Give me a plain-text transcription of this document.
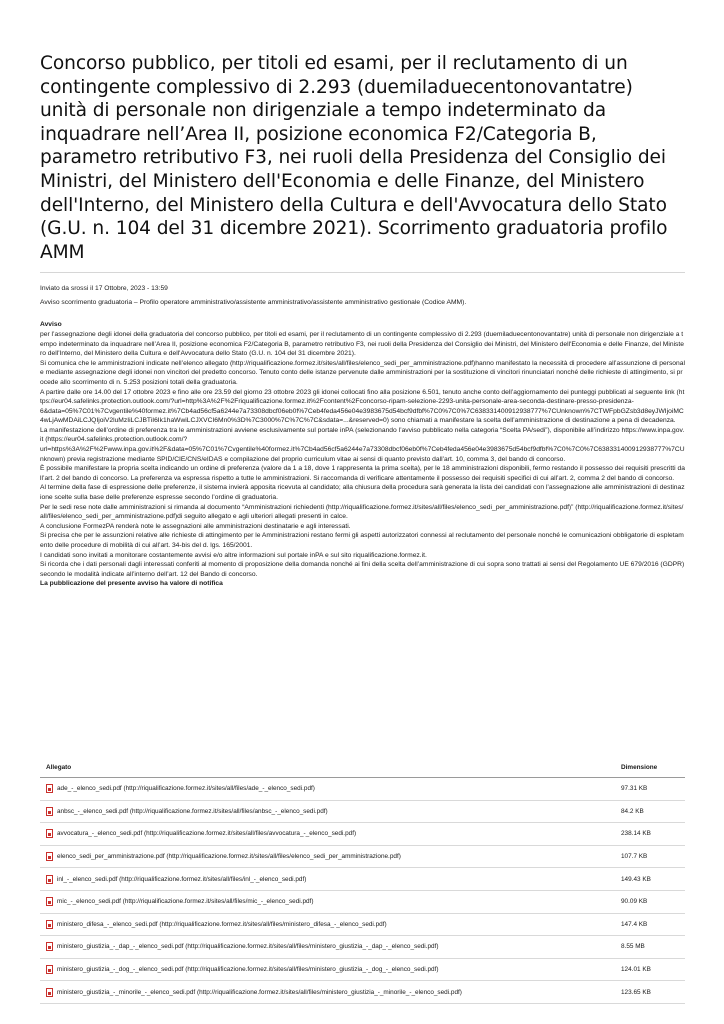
Concorso pubblico, per titoli ed esami, per il reclutamento di un contingente complessivo di 2.293 (duemiladuecentonovantatre) unità di personale non dirigenziale a tempo indeterminato da inquadrare nell’Area II, posizione economica F2/Categoria B, parametro retributivo F3, nei ruoli della Presidenza del Consiglio dei Ministri, del Ministero dell'Economia e delle Finanze, del Ministero dell'Interno, del Ministero della Cultura e dell'Avvocatura dello Stato (G.U. n. 104 del 31 dicembre 2021). Scorrimento graduatoria profilo AMM

Inviato da srossi il 17 Ottobre, 2023 - 13:59

Avviso scorrimento graduatoria – Profilo operatore amministrativo/assistente amministrativo/assistente amministrativo gestionale (Codice AMM).

Avviso

per l’assegnazione degli idonei della graduatoria del concorso pubblico, per titoli ed esami, per il reclutamento di un contingente complessivo di 2.293 (duemiladuecentonovantatre) unità di personale non dirigenziale a tempo indeterminato da inquadrare nell’Area II, posizione economica F2/Categoria B, parametro retributivo F3, nei ruoli della Presidenza del Consiglio dei Ministri, del Ministero dell'Economia e delle Finanze, del Ministero dell'Interno, del Ministero della Cultura e dell'Avvocatura dello Stato (G.U. n. 104 del 31 dicembre 2021).

Si comunica che le amministrazioni indicate nell’elenco allegato (http://riqualificazione.formez.it/sites/all/files/elenco_sedi_per_amministrazione.pdf)hanno manifestato la necessità di procedere all’assunzione di personale mediante assegnazione degli idonei non vincitori del predetto concorso. Tenuto conto delle istanze pervenute dalle amministrazioni per la sostituzione di vincitori rinunciatari nonché delle richieste di attingimento, si procede allo scorrimento di n. 5.253 posizioni totali della graduatoria.

A partire dalle ore 14.00 del 17 ottobre 2023 e fino alle ore 23.59 del giorno 23 ottobre 2023 gli idonei collocati fino alla posizione 6.501, tenuto anche conto dell’aggiornamento dei punteggi pubblicati al seguente link (https://eur04.safelinks.protection.outlook.com/?url=http%3A%2F%2Friqualificazione.formez.it%2Fcontent%2Fconcorso-ripam-selezione-2293-unita-personale-area-seconda-destinare-presso-presidenza-
6&data=05%7C01%7Cvgentile%40formez.it%7Cb4ad56cf5a6244e7a73308dbcf06eb0f%7Ceb4feda456e04e3983675d54bcf9dfbf%7C0%7C0%7C638331400912938777%7CUnknown%7CTWFpbGZsb3d8eyJWIjoiMC4wLjAwMDAiLCJQIjoiV2luMzIiLCJBTiI6Ik1haWwiLCJXVCI6Mn0%3D%7C3000%7C%7C%7C&sdata=...&reserved=0) sono chiamati a manifestare la scelta dell’amministrazione di destinazione a pena di decadenza.

La manifestazione dell’ordine di preferenza tra le amministrazioni avviene esclusivamente sul portale inPA (selezionando l’avviso pubblicato nella categoria “Scelta PA/sedi”), disponibile all’indirizzo https://www.inpa.gov.it (https://eur04.safelinks.protection.outlook.com/?
url=https%3A%2F%2Fwww.inpa.gov.it%2F&data=05%7C01%7Cvgentile%40formez.it%7Cb4ad56cf5a6244e7a73308dbcf06eb0f%7Ceb4feda456e04e3983675d54bcf9dfbf%7C0%7C0%7C638331400912938777%7CUnknown) previa registrazione mediante SPID/CIE/CNS/eIDAS e compilazione del proprio curriculum vitae ai sensi di quanto previsto dall’art. 10, comma 3, del bando di concorso.

È possibile manifestare la propria scelta indicando un ordine di preferenza (valore da 1 a 18, dove 1 rappresenta la prima scelta), per le 18 amministrazioni disponibili, fermo restando il possesso dei requisiti prescritti dall’art. 2 del bando di concorso. La preferenza va espressa rispetto a tutte le amministrazioni. Si raccomanda di verificare attentamente il possesso dei requisiti specifici di cui all’art. 2, comma 2 del bando di concorso.

Al termine della fase di espressione delle preferenze, il sistema invierà apposita ricevuta al candidato; alla chiusura della procedura sarà generata la lista dei candidati con l’assegnazione alle amministrazioni di destinazione scelte sulla base delle preferenze espresse secondo l’ordine di graduatoria.

Per le sedi rese note dalle amministrazioni si rimanda al documento “Amministrazioni richiedenti (http://riqualificazione.formez.it/sites/all/files/elenco_sedi_per_amministrazione.pdf)” (http://riqualificazione.formez.it/sites/all/files/elenco_sedi_per_amministrazione.pdf)di seguito allegato e agli ulteriori allegati presenti in calce.

A conclusione FormezPA renderà note le assegnazioni alle amministrazioni destinatarie e agli interessati.

Si precisa che per le assunzioni relative alle richieste di attingimento per le Amministrazioni restano fermi gli aspetti autorizzatori connessi al reclutamento del personale nonché le comunicazioni obbligatorie di espletamento delle procedure di mobilità di cui all’art. 34-bis del d. lgs. 165/2001.

I candidati sono invitati a monitorare costantemente avvisi e/o altre informazioni sul portale inPA e sul sito riqualificazione.formez.it.

Si ricorda che i dati personali dagli interessati conferiti al momento di proposizione della domanda nonché ai fini della scelta dell’amministrazione di cui sopra sono trattati ai sensi del Regolamento UE 679/2016 (GDPR) secondo le modalità indicate all’interno dell’art. 12 del Bando di concorso.

La pubblicazione del presente avviso ha valore di notifica

Allegato	Dimensione
ade_-_elenco_sedi.pdf (http://riqualificazione.formez.it/sites/all/files/ade_-_elenco_sedi.pdf)	97.31 KB
anbsc_-_elenco_sedi.pdf (http://riqualificazione.formez.it/sites/all/files/anbsc_-_elenco_sedi.pdf)	84.2 KB
avvocatura_-_elenco_sedi.pdf (http://riqualificazione.formez.it/sites/all/files/avvocatura_-_elenco_sedi.pdf)	238.14 KB
elenco_sedi_per_amministrazione.pdf (http://riqualificazione.formez.it/sites/all/files/elenco_sedi_per_amministrazione.pdf)	107.7 KB
inl_-_elenco_sedi.pdf (http://riqualificazione.formez.it/sites/all/files/inl_-_elenco_sedi.pdf)	149.43 KB
mic_-_elenco_sedi.pdf (http://riqualificazione.formez.it/sites/all/files/mic_-_elenco_sedi.pdf)	90.09 KB
ministero_difesa_-_elenco_sedi.pdf (http://riqualificazione.formez.it/sites/all/files/ministero_difesa_-_elenco_sedi.pdf)	147.4 KB
ministero_giustizia_-_dap_-_elenco_sedi.pdf (http://riqualificazione.formez.it/sites/all/files/ministero_giustizia_-_dap_-_elenco_sedi.pdf)	8.55 MB
ministero_giustizia_-_dog_-_elenco_sedi.pdf (http://riqualificazione.formez.it/sites/all/files/ministero_giustizia_-_dog_-_elenco_sedi.pdf)	124.01 KB
ministero_giustizia_-_minorile_-_elenco_sedi.pdf (http://riqualificazione.formez.it/sites/all/files/ministero_giustizia_-_minorile_-_elenco_sedi.pdf)	123.65 KB
